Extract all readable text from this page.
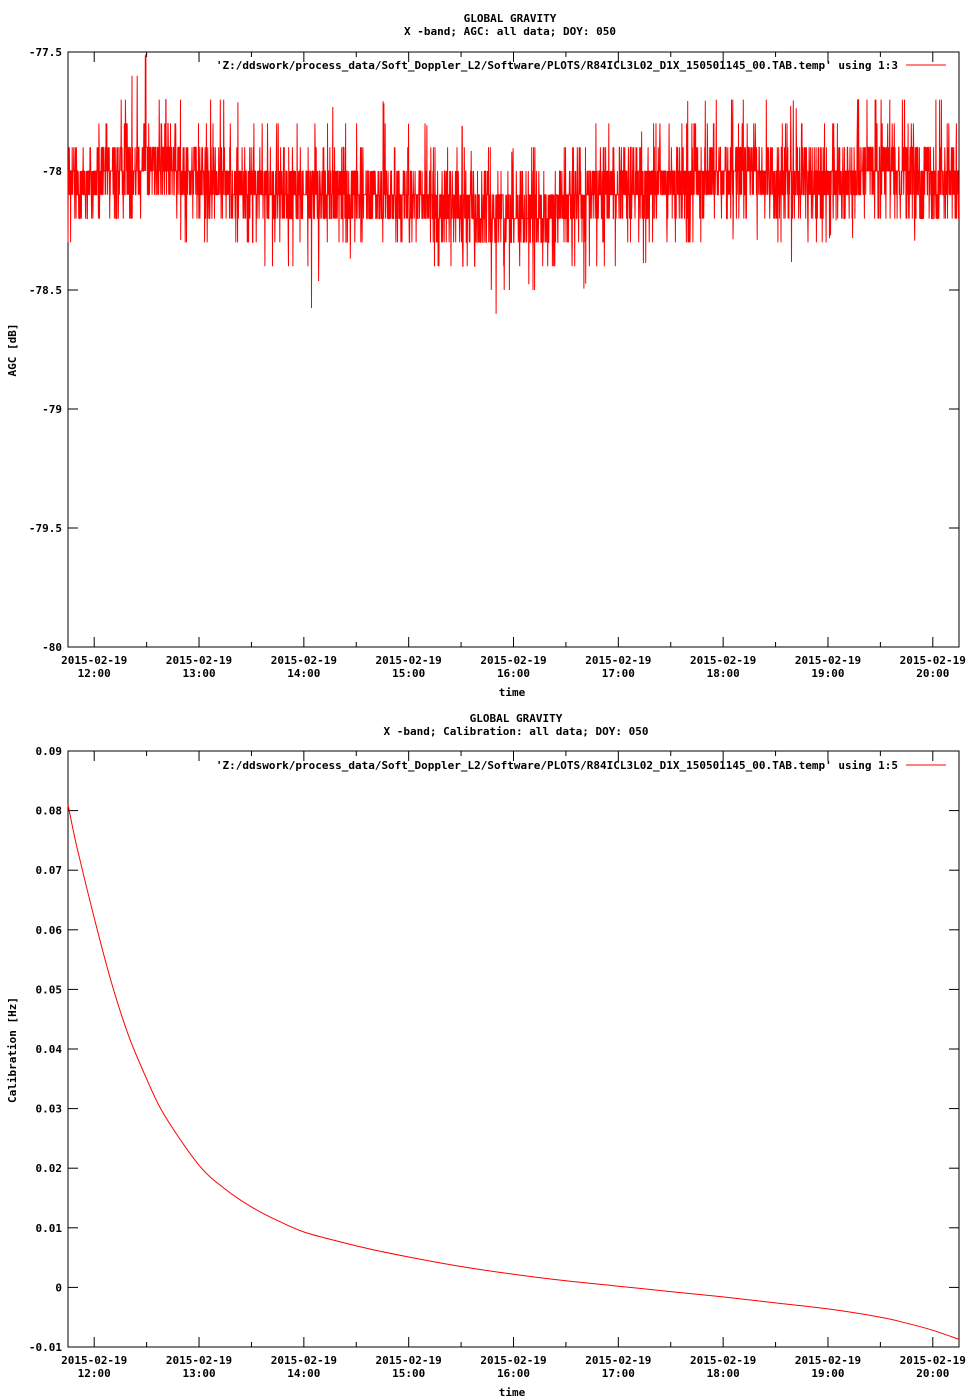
GLOBAL GRAVITY
X -band; AGC: all data; DOY: 050
-77.5
-78
-78.5
-79
-79.5
-80
2015-02-19
12:00
2015-02-19
13:00
2015-02-19
14:00
2015-02-19
15:00
2015-02-19
16:00
2015-02-19
17:00
2015-02-19
18:00
2015-02-19
19:00
2015-02-19
20:00
'Z:/ddswork/process_data/Soft_Doppler_L2/Software/PLOTS/R84ICL3L02_D1X_150501145_00.TAB.temp' using 1:3
time
AGC [dB]
GLOBAL GRAVITY
X -band; Calibration: all data; DOY: 050
0.09
0.08
0.07
0.06
0.05
0.04
0.03
0.02
0.01
0
-0.01
2015-02-19
12:00
2015-02-19
13:00
2015-02-19
14:00
2015-02-19
15:00
2015-02-19
16:00
2015-02-19
17:00
2015-02-19
18:00
2015-02-19
19:00
2015-02-19
20:00
'Z:/ddswork/process_data/Soft_Doppler_L2/Software/PLOTS/R84ICL3L02_D1X_150501145_00.TAB.temp' using 1:5
time
Calibration [Hz]
